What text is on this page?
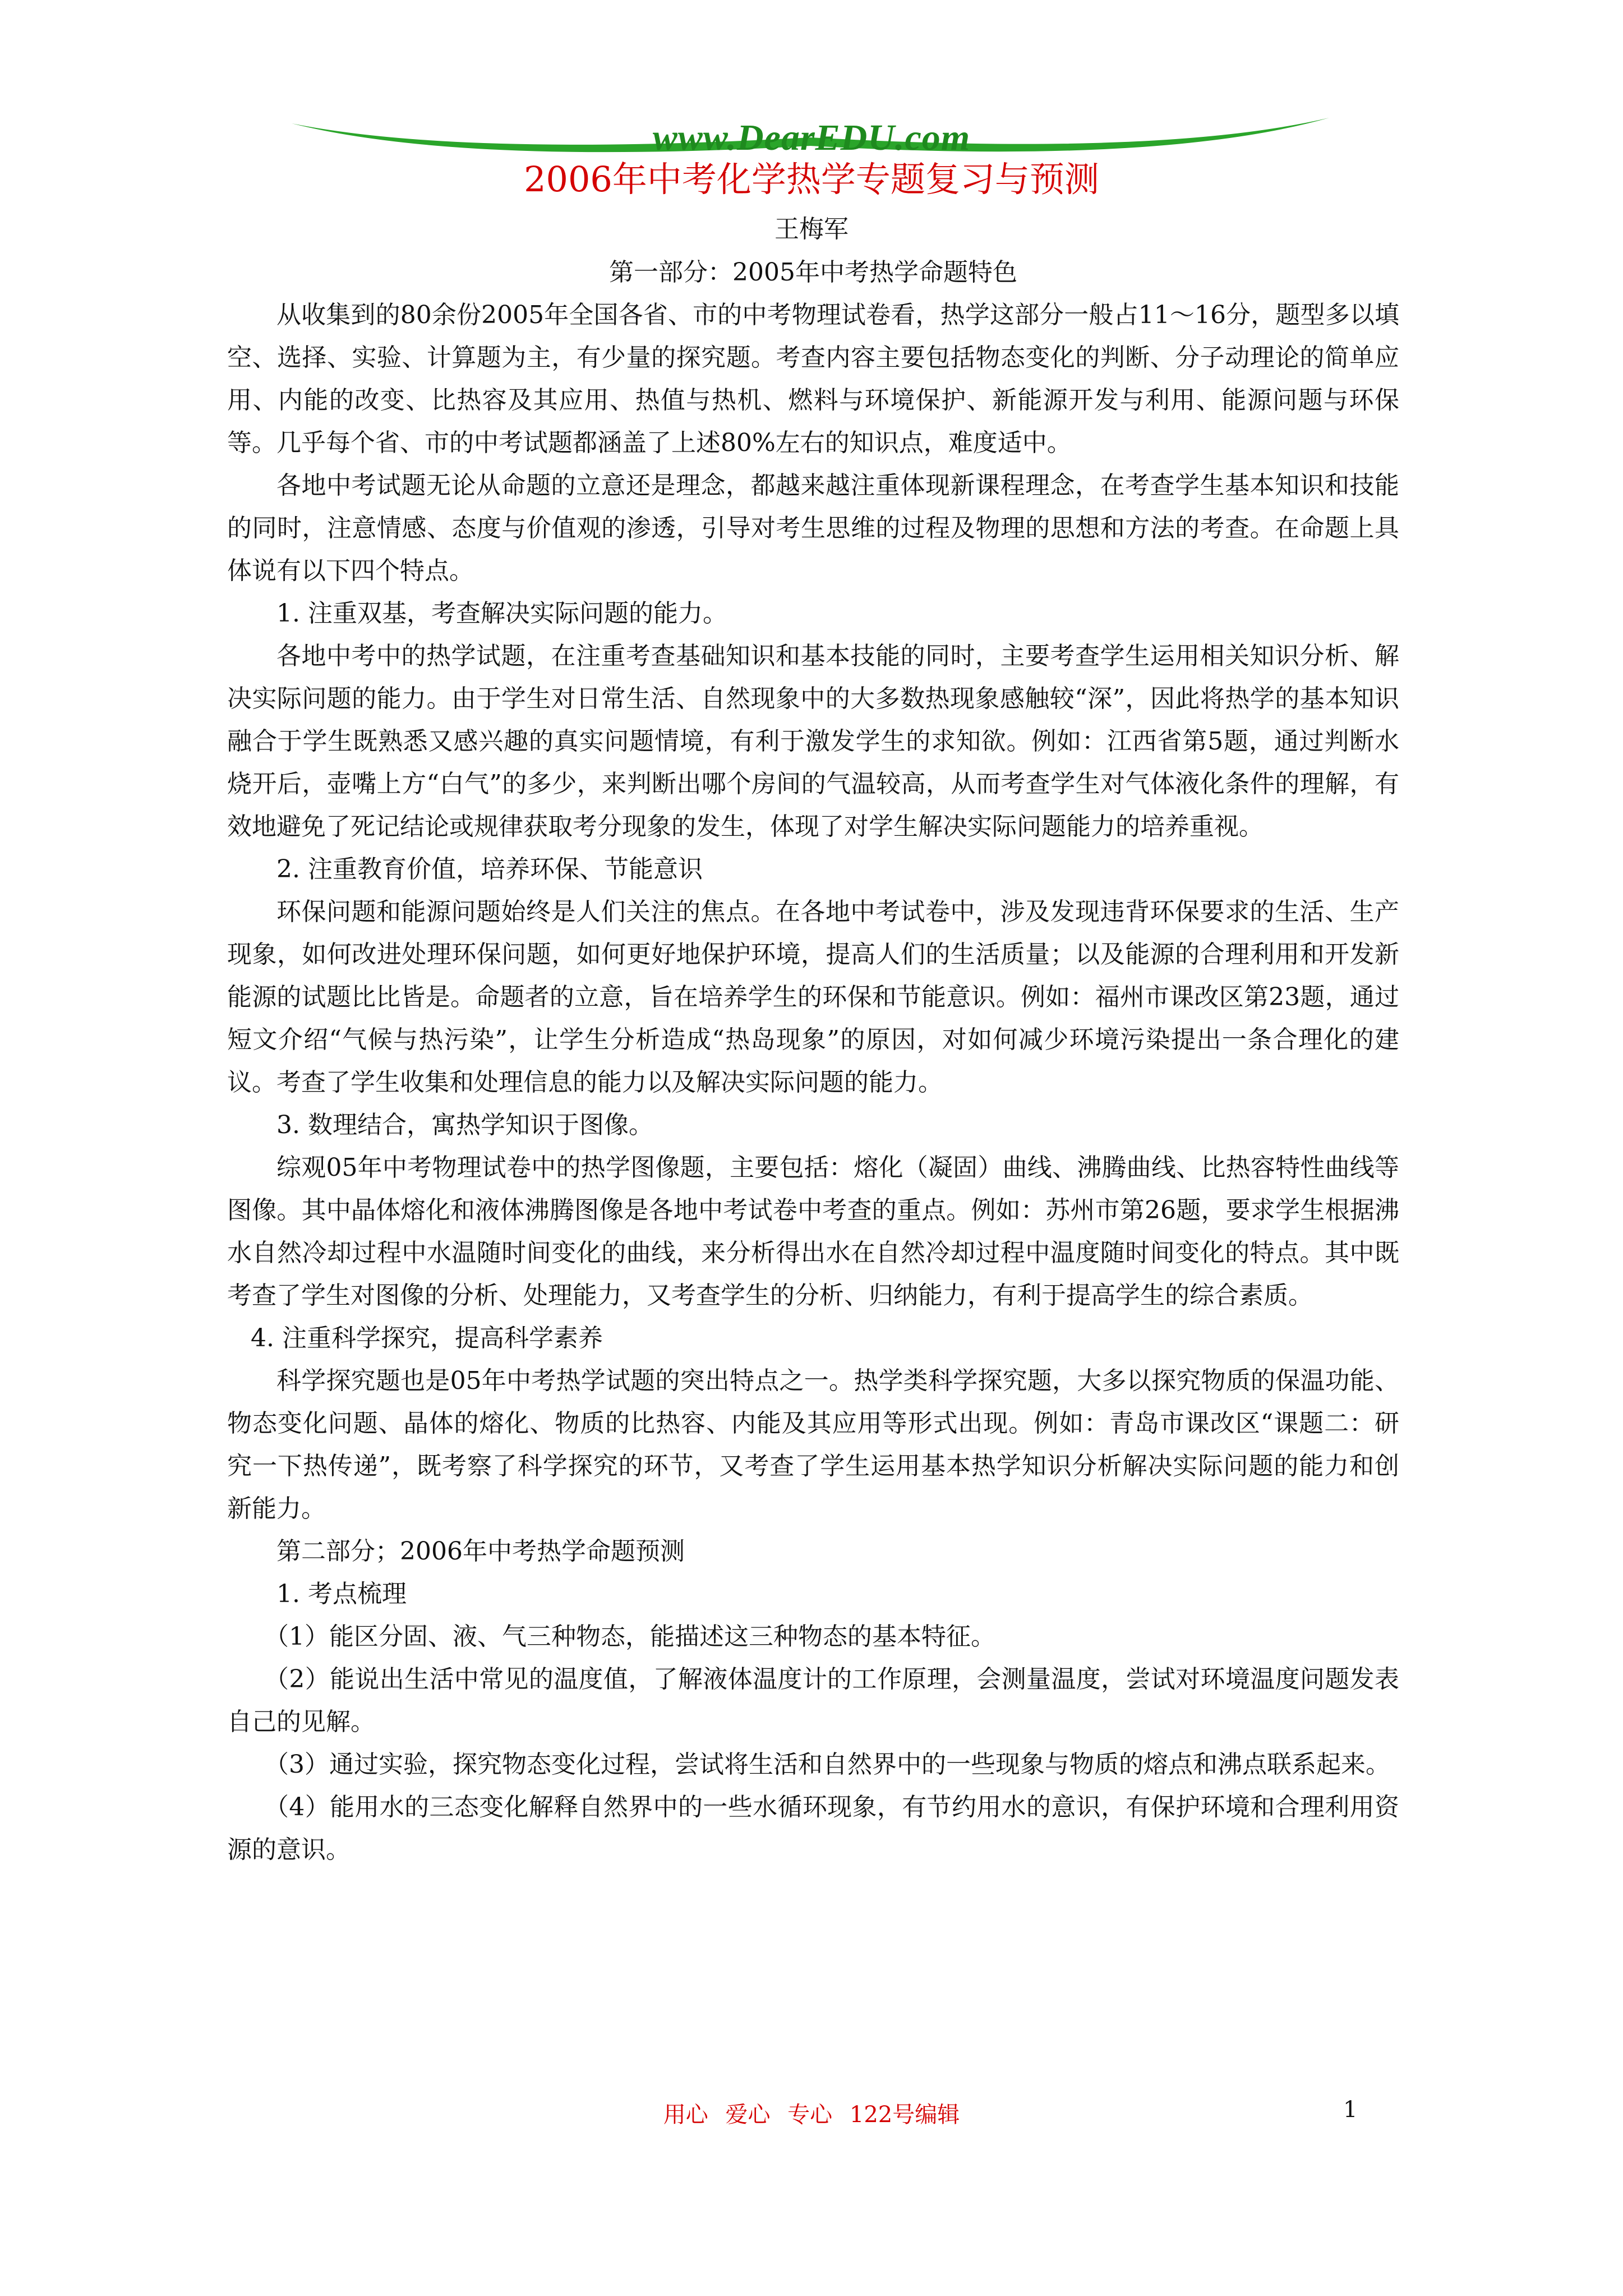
www.DearEDU.com
2006年中考化学热学专题复习与预测
王梅军

第一部分：2005年中考热学命题特色

从收集到的80余份2005年全国各省、市的中考物理试卷看，热学这部分一般占11～16分，题型多以填空、选择、实验、计算题为主，有少量的探究题。考查内容主要包括物态变化的判断、分子动理论的简单应用、内能的改变、比热容及其应用、热值与热机、燃料与环境保护、新能源开发与利用、能源问题与环保等。几乎每个省、市的中考试题都涵盖了上述80%左右的知识点，难度适中。

各地中考试题无论从命题的立意还是理念，都越来越注重体现新课程理念，在考查学生基本知识和技能的同时，注意情感、态度与价值观的渗透，引导对考生思维的过程及物理的思想和方法的考查。在命题上具体说有以下四个特点。

1. 注重双基，考查解决实际问题的能力。

各地中考中的热学试题，在注重考查基础知识和基本技能的同时，主要考查学生运用相关知识分析、解决实际问题的能力。由于学生对日常生活、自然现象中的大多数热现象感触较“深”，因此将热学的基本知识融合于学生既熟悉又感兴趣的真实问题情境，有利于激发学生的求知欲。例如：江西省第5题，通过判断水烧开后，壶嘴上方“白气”的多少，来判断出哪个房间的气温较高，从而考查学生对气体液化条件的理解，有效地避免了死记结论或规律获取考分现象的发生，体现了对学生解决实际问题能力的培养重视。

2. 注重教育价值，培养环保、节能意识

环保问题和能源问题始终是人们关注的焦点。在各地中考试卷中，涉及发现违背环保要求的生活、生产现象，如何改进处理环保问题，如何更好地保护环境，提高人们的生活质量；以及能源的合理利用和开发新能源的试题比比皆是。命题者的立意，旨在培养学生的环保和节能意识。例如：福州市课改区第23题，通过短文介绍“气候与热污染”，让学生分析造成“热岛现象”的原因，对如何减少环境污染提出一条合理化的建议。考查了学生收集和处理信息的能力以及解决实际问题的能力。

3. 数理结合，寓热学知识于图像。

综观05年中考物理试卷中的热学图像题，主要包括：熔化（凝固）曲线、沸腾曲线、比热容特性曲线等图像。其中晶体熔化和液体沸腾图像是各地中考试卷中考查的重点。例如：苏州市第26题，要求学生根据沸水自然冷却过程中水温随时间变化的曲线，来分析得出水在自然冷却过程中温度随时间变化的特点。其中既考查了学生对图像的分析、处理能力，又考查学生的分析、归纳能力，有利于提高学生的综合素质。

4. 注重科学探究，提高科学素养

科学探究题也是05年中考热学试题的突出特点之一。热学类科学探究题，大多以探究物质的保温功能、物态变化问题、晶体的熔化、物质的比热容、内能及其应用等形式出现。例如：青岛市课改区“课题二：研究一下热传递”，既考察了科学探究的环节，又考查了学生运用基本热学知识分析解决实际问题的能力和创新能力。

第二部分；2006年中考热学命题预测

1. 考点梳理

（1）能区分固、液、气三种物态，能描述这三种物态的基本特征。

（2）能说出生活中常见的温度值，了解液体温度计的工作原理，会测量温度，尝试对环境温度问题发表自己的见解。

（3）通过实验，探究物态变化过程，尝试将生活和自然界中的一些现象与物质的熔点和沸点联系起来。

（4）能用水的三态变化解释自然界中的一些水循环现象，有节约用水的意识，有保护环境和合理利用资源的意识。

用心 爱心 专心 122号编辑	1
